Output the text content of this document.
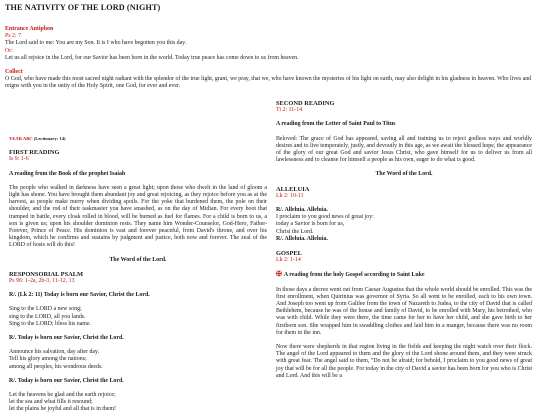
THE NATIVITY OF THE LORD (NIGHT)

Entrance Antiphon

Ps 2: 7

The Lord said to me: You are my Son. It is I who have begotten you this day.

Or:

Let us all rejoice in the Lord, for our Savior has been born in the world. Today true peace has come down to us from heaven.

Collect

O God, who have made this most sacred night radiant with the splendor of the true light, grant, we pray, that we, who have known the mysteries of his light on earth, may also delight in his gladness in heaven. Who lives and reigns with you in the unity of the Holy Spirit, one God, for ever and ever.

YEAR ABC (Lectionary: 14)

FIRST READING

Is 9: 1-6

A reading from the Book of the prophet Isaiah

The people who walked in darkness have seen a great light; upon those who dwelt in the land of gloom a light has shone. You have brought them abundant joy and great rejoicing, as they rejoice before you as at the harvest, as people make merry when dividing spoils. For the yoke that burdened them, the pole on their shoulder, and the rod of their taskmaster you have smashed, as on the day of Midian. For every boot that tramped in battle, every cloak rolled in blood, will be burned as fuel for flames. For a child is born to us, a son is given us; upon his shoulder dominion rests. They name him Wonder-Counselor, God-Hero, Father-Forever, Prince of Peace. His dominion is vast and forever peaceful, from David's throne, and over his kingdom, which he confirms and sustains by judgment and justice, both now and forever. The zeal of the LORD of hosts will do this!

The Word of the Lord.

RESPONSORIAL PSALM

Ps 96: 1-2a, 2b-3, 11-12, 13

R/. (Lk 2: 11) Today is born our Savior, Christ the Lord.

Sing to the LORD a new song;

sing to the LORD, all you lands.

Sing to the LORD; bless his name.

R/. Today is born our Savior, Christ the Lord.

Announce his salvation, day after day.

Tell his glory among the nations;

among all peoples, his wondrous deeds.

R/. Today is born our Savior, Christ the Lord.

Let the heavens be glad and the earth rejoice;

let the sea and what fills it resound;

let the plains be joyful and all that is in them!

SECOND READING

Ti 2: 11-14

A reading from the Letter of Saint Paul to Titus

Beloved: The grace of God has appeared, saving all and training us to reject godless ways and worldly desires and to live temperately, justly, and devoutly in this age, as we await the blessed hope, the appearance of the glory of our great God and savior Jesus Christ, who gave himself for us to deliver us from all lawlessness and to cleanse for himself a people as his own, eager to do what is good.

The Word of the Lord.

ALLELUIA

Lk 2: 10-11

R/. Alleluia. Alleluia.

I proclaim to you good news of great joy:

today a Savior is born for us,

Christ the Lord.

R/. Alleluia. Alleluia.

GOSPEL

Lk 2: 1-14

✠ A reading from the holy Gospel according to Saint Luke

In those days a decree went out from Caesar Augustus that the whole world should be enrolled. This was the first enrollment, when Quirinius was governor of Syria. So all went to be enrolled, each to his own town. And Joseph too went up from Galilee from the town of Nazareth to Judea, to the city of David that is called Bethlehem, because he was of the house and family of David, to be enrolled with Mary, his betrothed, who was with child. While they were there, the time came for her to have her child, and she gave birth to her firstborn son. She wrapped him in swaddling clothes and laid him in a manger, because there was no room for them in the inn.

Now there were shepherds in that region living in the fields and keeping the night watch over their flock. The angel of the Lord appeared to them and the glory of the Lord shone around them, and they were struck with great fear. The angel said to them, "Do not be afraid; for behold, I proclaim to you good news of great joy that will be for all the people. For today in the city of David a savior has been born for you who is Christ and Lord. And this will be a
